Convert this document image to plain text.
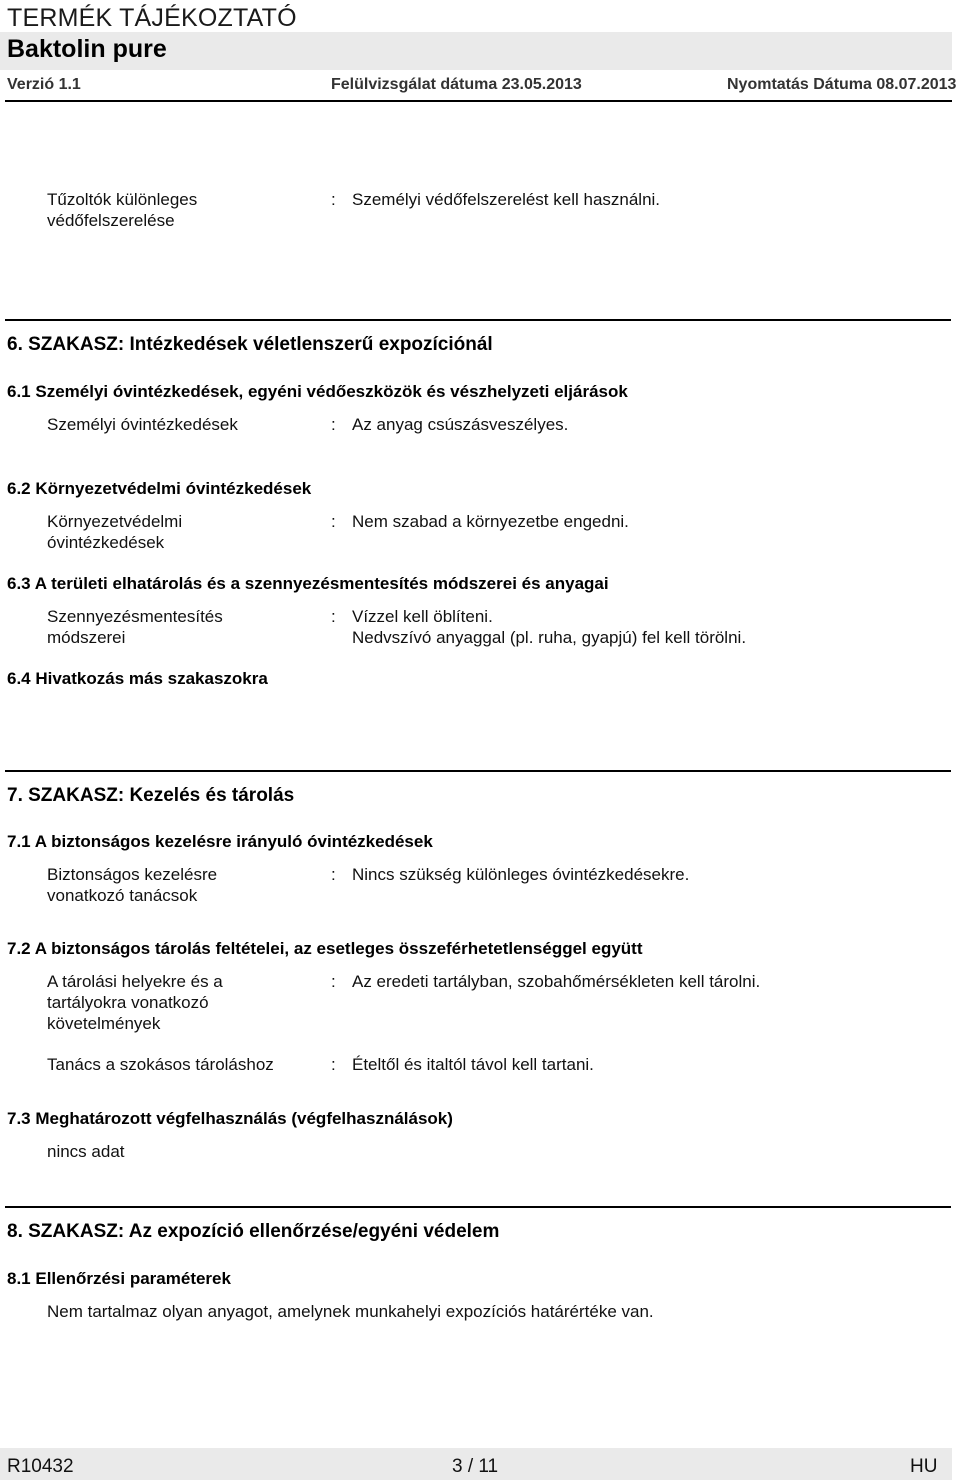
TERMÉK TÁJÉKOZTATÓ
Baktolin pure
Verzió 1.1	Felülvizsgálat dátuma 23.05.2013	Nyomtatás Dátuma 08.07.2013
Tűzoltók különleges
védőfelszerelése
: Személyi védőfelszerelést kell használni.
6. SZAKASZ: Intézkedések véletlenszerű expozíciónál
6.1 Személyi óvintézkedések, egyéni védőeszközök és vészhelyzeti eljárások
Személyi óvintézkedések	: Az anyag csúszásveszélyes.
6.2 Környezetvédelmi óvintézkedések
Környezetvédelmi
óvintézkedések
: Nem szabad a környezetbe engedni.
6.3 A területi elhatárolás és a szennyezésmentesítés módszerei és anyagai
Szennyezésmentesítés
módszerei
: Vízzel kell öblíteni.
Nedvszívó anyaggal (pl. ruha, gyapjú) fel kell törölni.
6.4 Hivatkozás más szakaszokra
7. SZAKASZ: Kezelés és tárolás
7.1 A biztonságos kezelésre irányuló óvintézkedések
Biztonságos kezelésre
vonatkozó tanácsok
: Nincs szükség különleges óvintézkedésekre.
7.2 A biztonságos tárolás feltételei, az esetleges összeférhetetlenséggel együtt
A tárolási helyekre és a
tartályokra vonatkozó
követelmények
: Az eredeti tartályban, szobahőmérsékleten kell tárolni.
Tanács a szokásos tároláshoz	: Ételtől és italtól távol kell tartani.
7.3 Meghatározott végfelhasználás (végfelhasználások)
nincs adat
8. SZAKASZ: Az expozíció ellenőrzése/egyéni védelem
8.1 Ellenőrzési paraméterek
Nem tartalmaz olyan anyagot, amelynek munkahelyi expozíciós határértéke van.
R10432	3 / 11	HU
